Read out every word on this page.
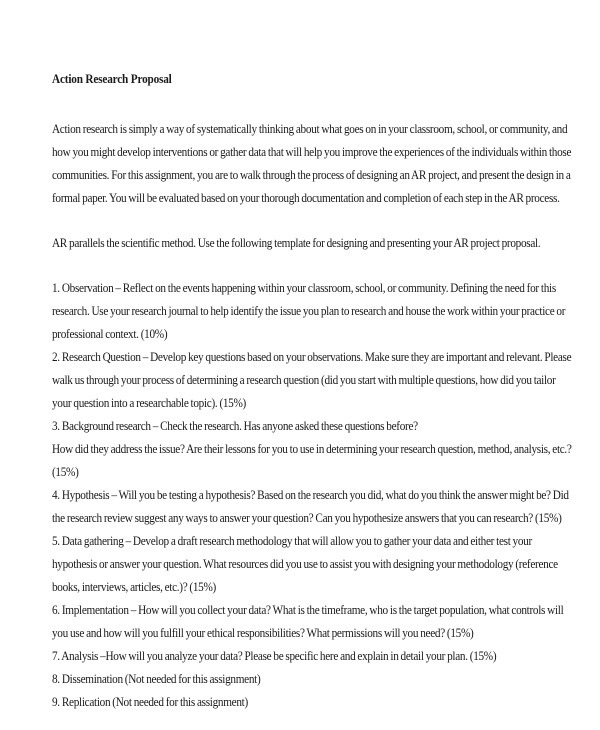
Action Research Proposal

Action research is simply a way of systematically thinking about what goes on in your classroom, school, or community, and how you might develop interventions or gather data that will help you improve the experiences of the individuals within those communities. For this assignment, you are to walk through the process of designing an AR project, and present the design in a formal paper. You will be evaluated based on your thorough documentation and completion of each step in the AR process.

AR parallels the scientific method. Use the following template for designing and presenting your AR project proposal.

1. Observation – Reflect on the events happening within your classroom, school, or community. Defining the need for this research. Use your research journal to help identify the issue you plan to research and house the work within your practice or professional context. (10%)
2. Research Question – Develop key questions based on your observations. Make sure they are important and relevant. Please walk us through your process of determining a research question (did you start with multiple questions, how did you tailor your question into a researchable topic). (15%)
3. Background research – Check the research. Has anyone asked these questions before?
How did they address the issue? Are their lessons for you to use in determining your research question, method, analysis, etc.? (15%)
4. Hypothesis – Will you be testing a hypothesis? Based on the research you did, what do you think the answer might be? Did the research review suggest any ways to answer your question? Can you hypothesize answers that you can research? (15%)
5. Data gathering – Develop a draft research methodology that will allow you to gather your data and either test your hypothesis or answer your question. What resources did you use to assist you with designing your methodology (reference books, interviews, articles, etc.)? (15%)
6. Implementation – How will you collect your data? What is the timeframe, who is the target population, what controls will you use and how will you fulfill your ethical responsibilities? What permissions will you need? (15%)
7. Analysis –How will you analyze your data? Please be specific here and explain in detail your plan. (15%)
8. Dissemination (Not needed for this assignment)
9. Replication (Not needed for this assignment)
